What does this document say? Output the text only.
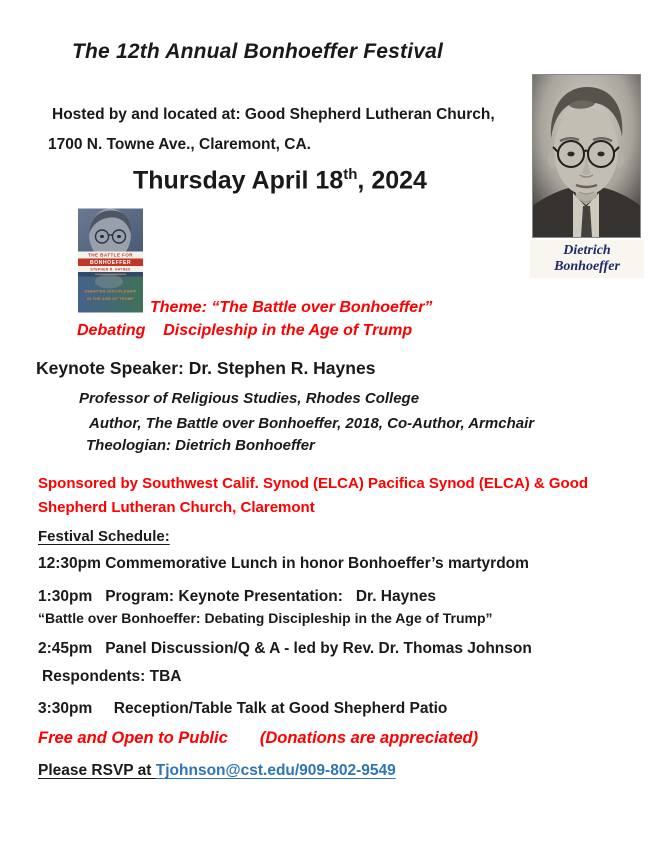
The 12th Annual Bonhoeffer Festival
Hosted by and located at: Good Shepherd Lutheran Church,
1700 N. Towne Ave., Claremont, CA.
Thursday April 18th, 2024
Dietrich
Bonhoeffer
THE BATTLE FOR
BONHOEFFER
STEPHEN R. HAYNES
DEBATING DISCIPLESHIP
IN THE AGE OF TRUMP Theme: “The Battle over Bonhoeffer”
Debating    Discipleship in the Age of Trump
Keynote Speaker: Dr. Stephen R. Haynes
Professor of Religious Studies, Rhodes College
Author, The Battle over Bonhoeffer, 2018, Co-Author, Armchair
Theologian: Dietrich Bonhoeffer
Sponsored by Southwest Calif. Synod (ELCA) Pacifica Synod (ELCA) & Good
Shepherd Lutheran Church, Claremont
Festival Schedule:
12:30pm Commemorative Lunch in honor Bonhoeffer’s martyrdom
1:30pm   Program: Keynote Presentation:   Dr. Haynes
“Battle over Bonhoeffer: Debating Discipleship in the Age of Trump”
2:45pm   Panel Discussion/Q & A - led by Rev. Dr. Thomas Johnson
Respondents: TBA
3:30pm     Reception/Table Talk at Good Shepherd Patio
Free and Open to Public       (Donations are appreciated)
Please RSVP at Tjohnson@cst.edu/909-802-9549
